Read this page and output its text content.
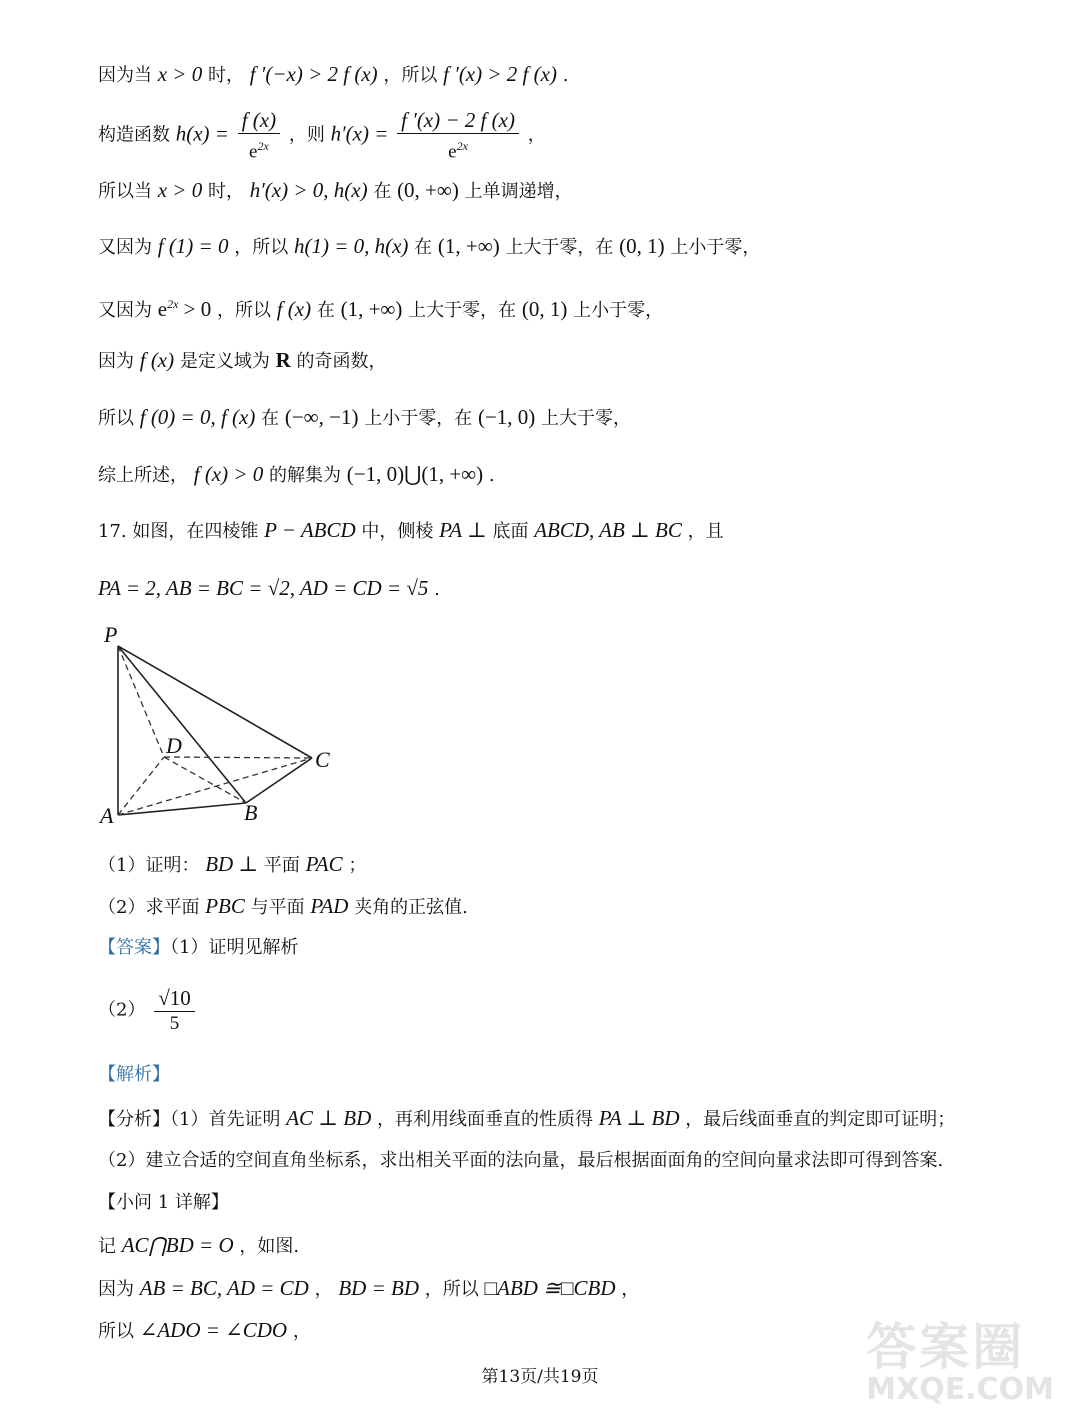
因为当 x > 0 时， f ′(−x) > 2 f (x) ，所以 f ′(x) > 2 f (x) .
构造函数 $h(x) = \frac{f (x)}{e^{2x}}$ ，则 $h'(x) = \frac{f '(x) - 2 f (x)}{e^{2x}}$ ，
所以当 x > 0 时， h′(x) > 0, h(x) 在 (0, +∞) 上单调递增，
又因为 f (1) = 0 ，所以 h(1) = 0, h(x) 在 (1, +∞) 上大于零，在 (0, 1) 上小于零，
又因为 $e^{2x} > 0$ ，所以 f (x) 在 (1, +∞) 上大于零，在 (0, 1) 上小于零，
因为 f (x) 是定义域为 R 的奇函数，
所以 f (0) = 0, f (x) 在 (−∞, −1) 上小于零，在 (−1, 0) 上大于零，
综上所述， f (x) > 0 的解集为 (−1, 0)⋃(1, +∞) .
17. 如图，在四棱锥 P − ABCD 中，侧棱 PA ⊥ 底面 ABCD, AB ⊥ BC ，且
PA = 2, AB = BC = √2, AD = CD = √5 .
P
D
C
A	B
（1）证明： BD ⊥ 平面 PAC ；
（2）求平面 PBC 与平面 PAD 夹角的正弦值.
【答案】（1）证明见解析
$(2) \frac{√10}{5}$
【解析】
【分析】（1）首先证明 AC ⊥ BD ，再利用线面垂直的性质得 PA ⊥ BD ，最后线面垂直的判定即可证明；
（2）建立合适的空间直角坐标系，求出相关平面的法向量，最后根据面面角的空间向量求法即可得到答案.
【小问 1 详解】
记 AC⋂BD = O ，如图.
因为 AB = BC, AD = CD ， BD = BD ，所以 □ABD ≅□CBD ，
所以 ∠ADO = ∠CDO ，
第13页/共19页
答案圈
MXQE.COM
